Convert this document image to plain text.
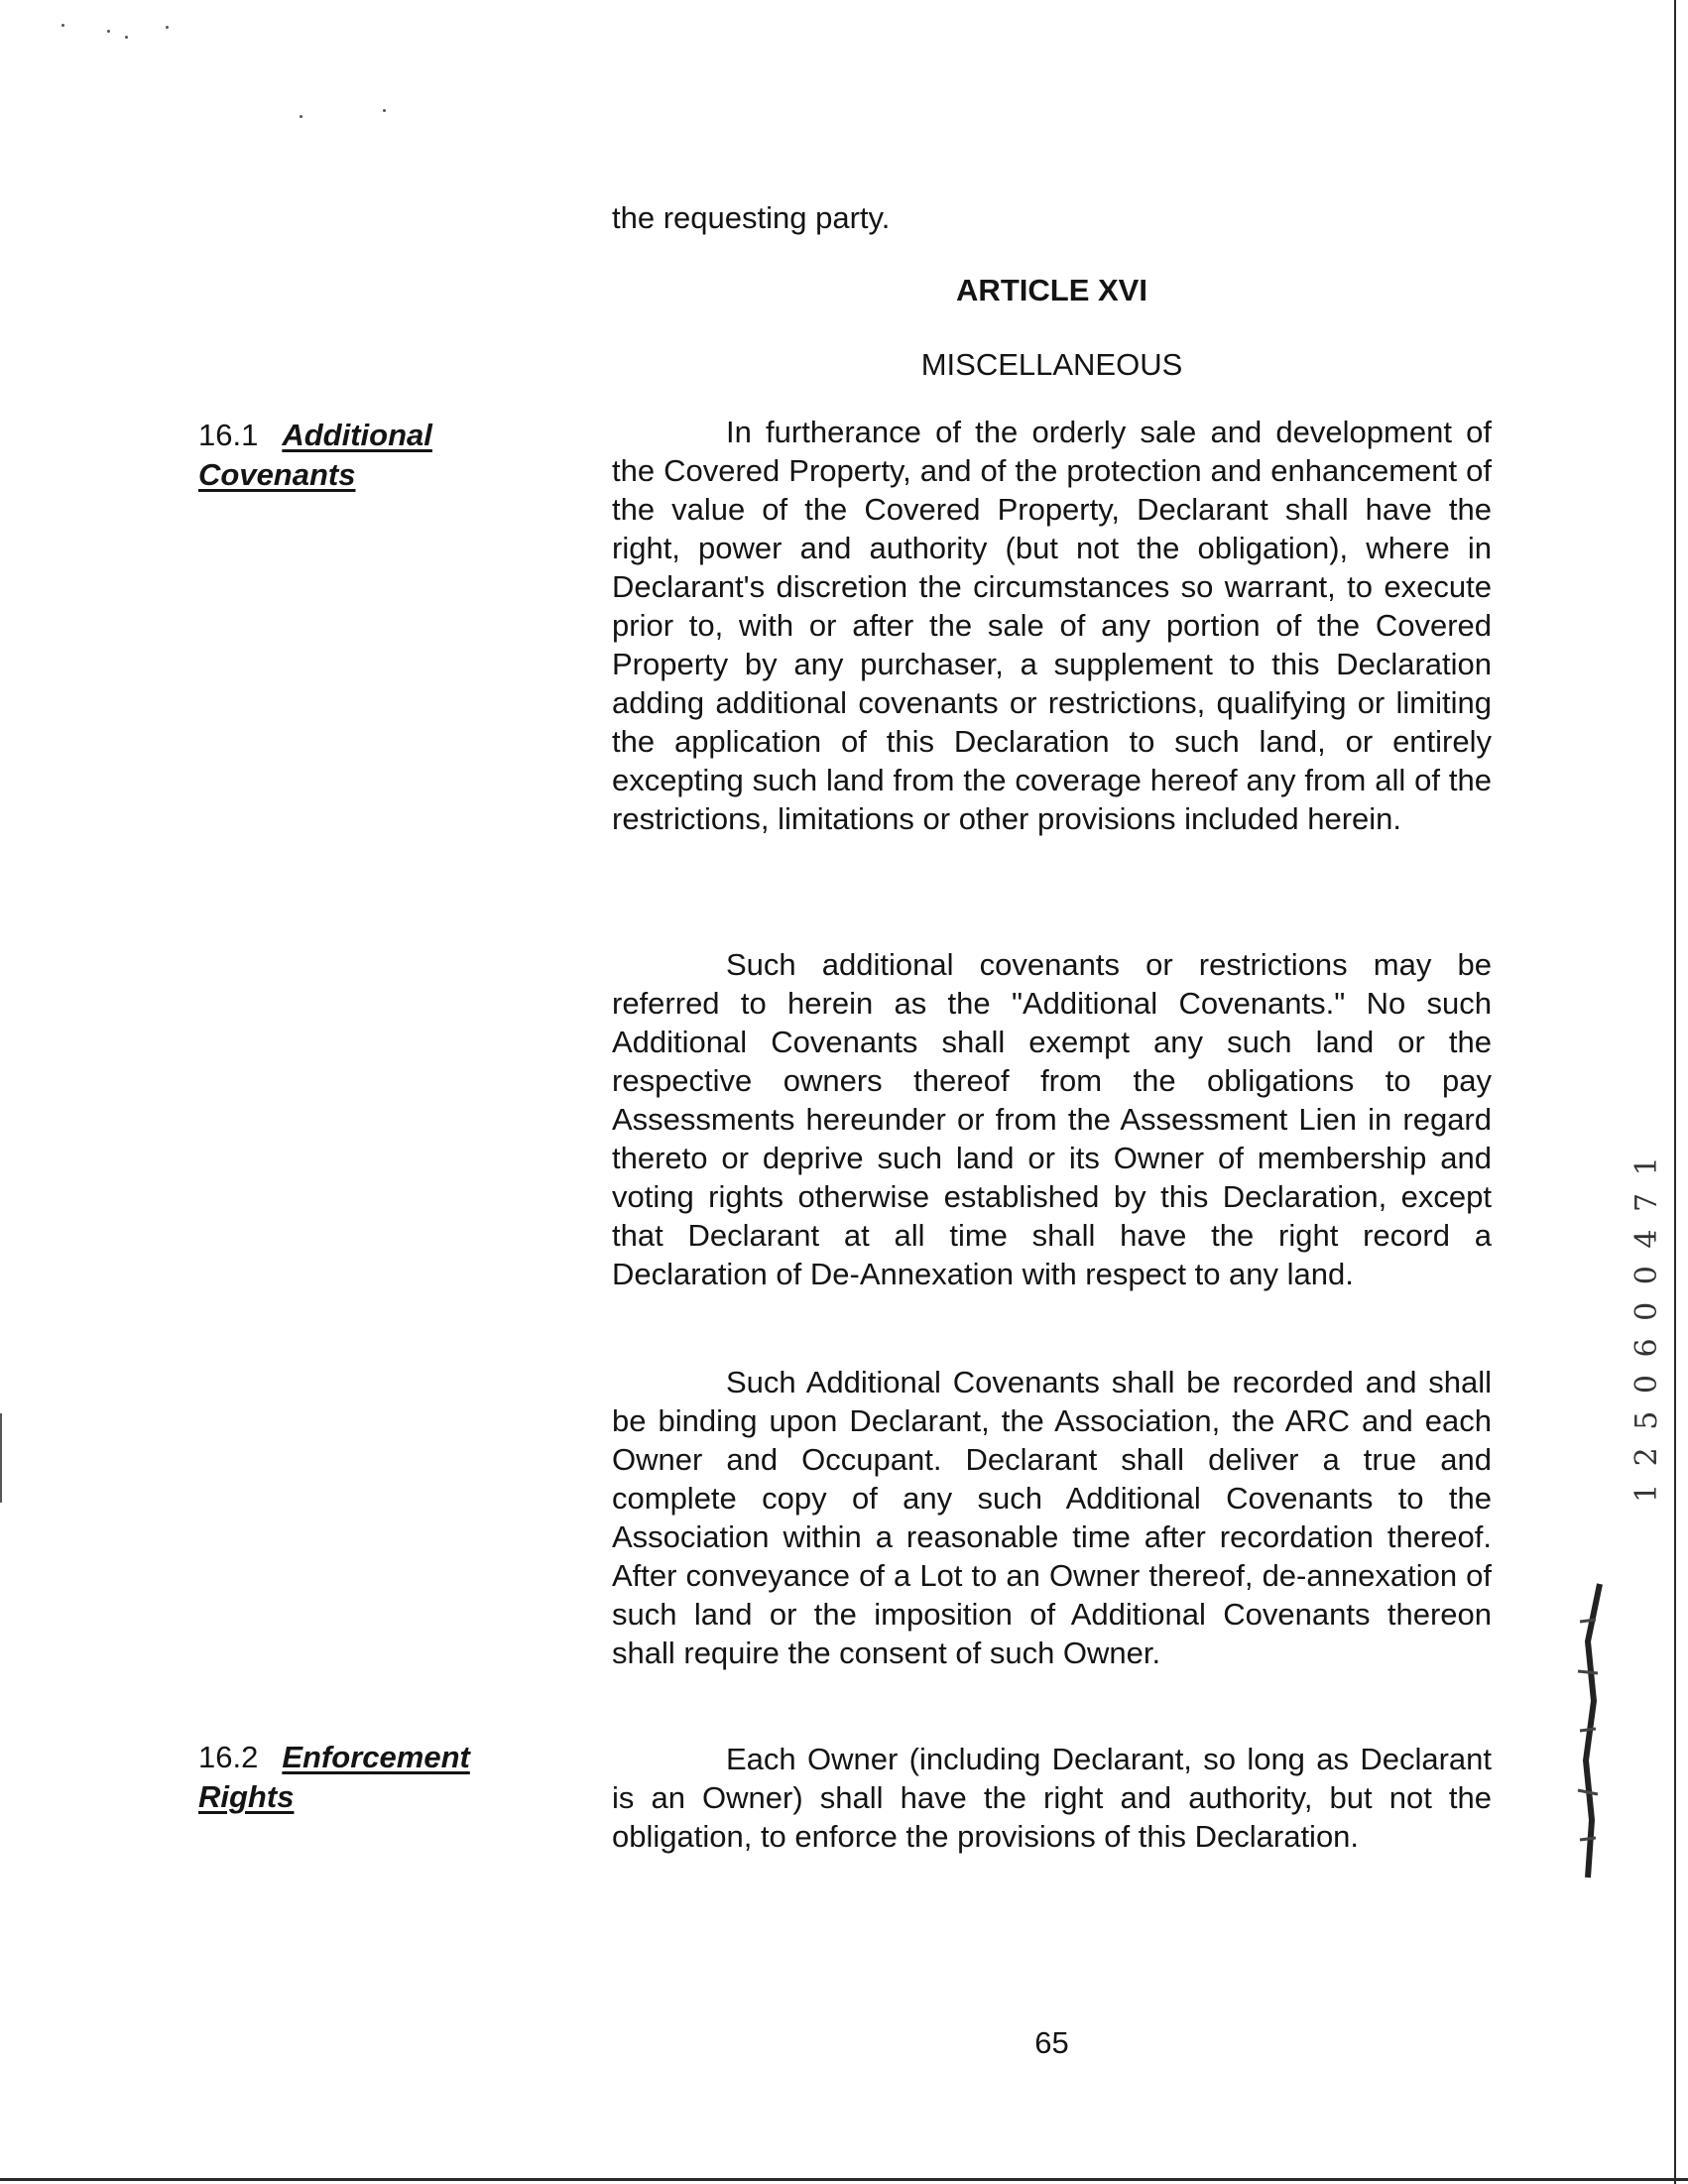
the requesting party.
ARTICLE XVI
MISCELLANEOUS
16.1 Additional
Covenants
In furtherance of the orderly sale and development of the Covered Property, and of the protection and enhancement of the value of the Covered Property, Declarant shall have the right, power and authority (but not the obligation), where in Declarant's discretion the circumstances so warrant, to execute prior to, with or after the sale of any portion of the Covered Property by any purchaser, a supplement to this Declaration adding additional covenants or restrictions, qualifying or limiting the application of this Declaration to such land, or entirely excepting such land from the coverage hereof any from all of the restrictions, limitations or other provisions included herein.
Such additional covenants or restrictions may be referred to herein as the "Additional Covenants." No such Additional Covenants shall exempt any such land or the respective owners thereof from the obligations to pay Assessments hereunder or from the Assessment Lien in regard thereto or deprive such land or its Owner of membership and voting rights otherwise established by this Declaration, except that Declarant at all time shall have the right record a Declaration of De-Annexation with respect to any land.
Such Additional Covenants shall be recorded and shall be binding upon Declarant, the Association, the ARC and each Owner and Occupant. Declarant shall deliver a true and complete copy of any such Additional Covenants to the Association within a reasonable time after recordation thereof. After conveyance of a Lot to an Owner thereof, de-annexation of such land or the imposition of Additional Covenants thereon shall require the consent of such Owner.
16.2 Enforcement
Rights
Each Owner (including Declarant, so long as Declarant is an Owner) shall have the right and authority, but not the obligation, to enforce the provisions of this Declaration.
65
1 2 5 0 6 0 0 4 7 1
